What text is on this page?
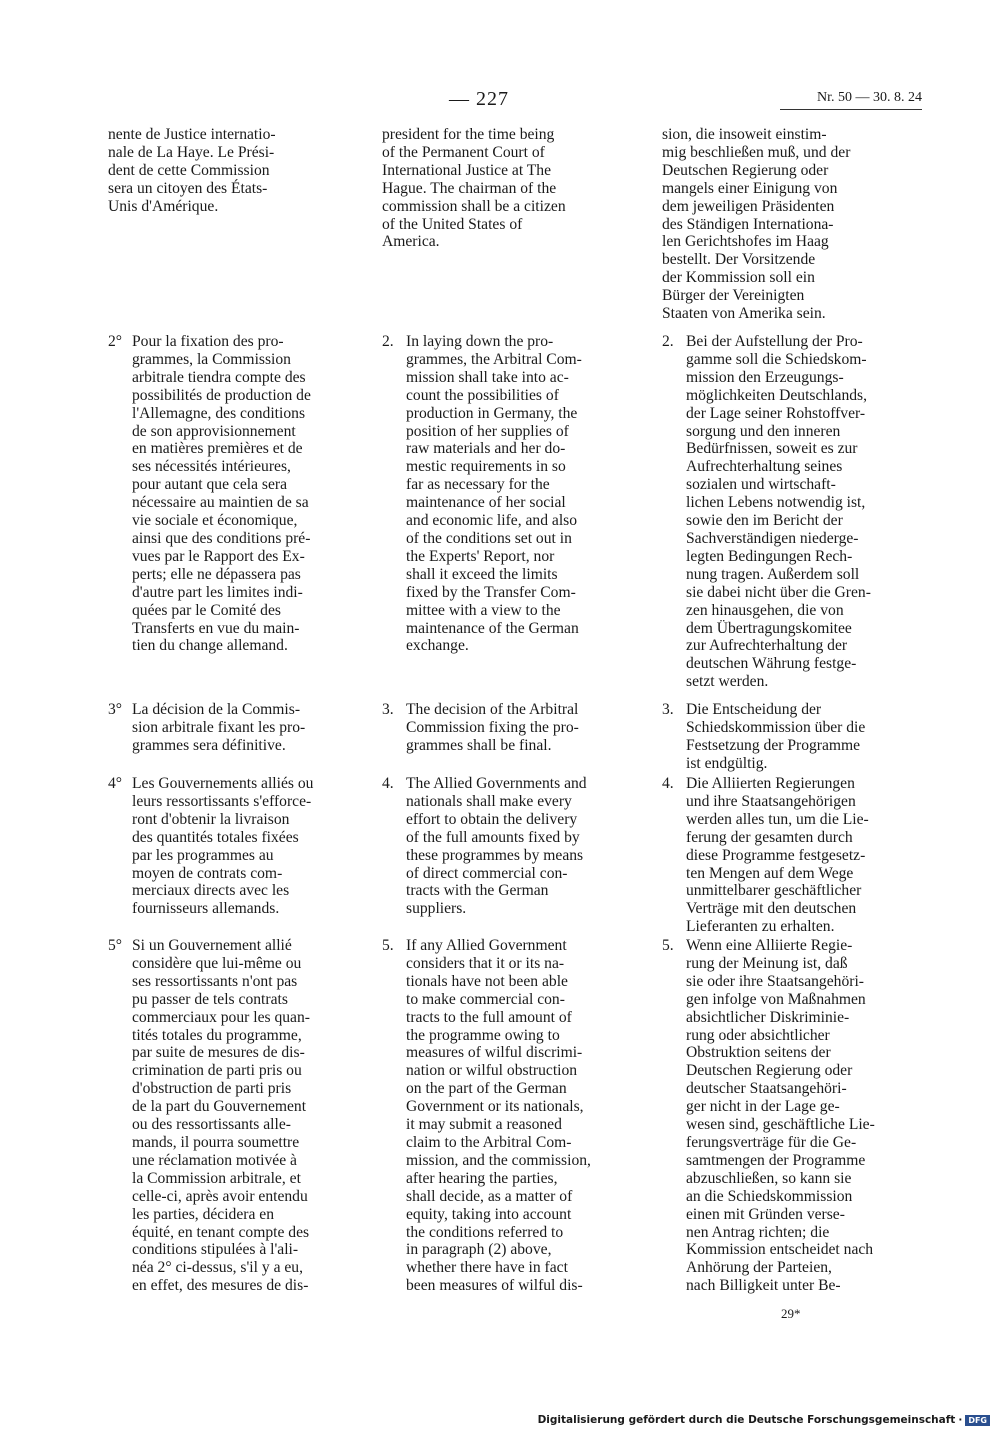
— 227	Nr. 50 — 30. 8. 24
nente de Justice internatio-
nale de La Haye. Le Prési-
dent de cette Commission
sera un citoyen des États-
Unis d'Amérique.
2° Pour la fixation des pro-
grammes, la Commission
arbitrale tiendra compte des
possibilités de production de
l'Allemagne, des conditions
de son approvisionnement
en matières premières et de
ses nécessités intérieures,
pour autant que cela sera
nécessaire au maintien de sa
vie sociale et économique,
ainsi que des conditions pré-
vues par le Rapport des Ex-
perts; elle ne dépassera pas
d'autre part les limites indi-
quées par le Comité des
Transferts en vue du main-
tien du change allemand.
3° La décision de la Commis-
sion arbitrale fixant les pro-
grammes sera définitive.
4° Les Gouvernements alliés ou
leurs ressortissants s'efforce-
ront d'obtenir la livraison
des quantités totales fixées
par les programmes au
moyen de contrats com-
merciaux directs avec les
fournisseurs allemands.
5° Si un Gouvernement allié
considère que lui-même ou
ses ressortissants n'ont pas
pu passer de tels contrats
commerciaux pour les quan-
tités totales du programme,
par suite de mesures de dis-
crimination de parti pris ou
d'obstruction de parti pris
de la part du Gouvernement
ou des ressortissants alle-
mands, il pourra soumettre
une réclamation motivée à
la Commission arbitrale, et
celle-ci, après avoir entendu
les parties, décidera en
équité, en tenant compte des
conditions stipulées à l'ali-
néa 2° ci-dessus, s'il y a eu,
en effet, des mesures de dis-
president for the time being
of the Permanent Court of
International Justice at The
Hague. The chairman of the
commission shall be a citizen
of the United States of
America.
2. In laying down the pro-
grammes, the Arbitral Com-
mission shall take into ac-
count the possibilities of
production in Germany, the
position of her supplies of
raw materials and her do-
mestic requirements in so
far as necessary for the
maintenance of her social
and economic life, and also
of the conditions set out in
the Experts' Report, nor
shall it exceed the limits
fixed by the Transfer Com-
mittee with a view to the
maintenance of the German
exchange.
3. The decision of the Arbitral
Commission fixing the pro-
grammes shall be final.
4. The Allied Governments and
nationals shall make every
effort to obtain the delivery
of the full amounts fixed by
these programmes by means
of direct commercial con-
tracts with the German
suppliers.
5. If any Allied Government
considers that it or its na-
tionals have not been able
to make commercial con-
tracts to the full amount of
the programme owing to
measures of wilful discrimi-
nation or wilful obstruction
on the part of the German
Government or its nationals,
it may submit a reasoned
claim to the Arbitral Com-
mission, and the commission,
after hearing the parties,
shall decide, as a matter of
equity, taking into account
the conditions referred to
in paragraph (2) above,
whether there have in fact
been measures of wilful dis-
sion, die insoweit einstim-
mig beschließen muß, und der
Deutschen Regierung oder
mangels einer Einigung von
dem jeweiligen Präsidenten
des Ständigen Internationa-
len Gerichtshofes im Haag
bestellt. Der Vorsitzende
der Kommission soll ein
Bürger der Vereinigten
Staaten von Amerika sein.
2. Bei der Aufstellung der Pro-
gamme soll die Schiedskom-
mission den Erzeugungs-
möglichkeiten Deutschlands,
der Lage seiner Rohstoffver-
sorgung und den inneren
Bedürfnissen, soweit es zur
Aufrechterhaltung seines
sozialen und wirtschaft-
lichen Lebens notwendig ist,
sowie den im Bericht der
Sachverständigen niederge-
legten Bedingungen Rech-
nung tragen. Außerdem soll
sie dabei nicht über die Gren-
zen hinausgehen, die von
dem Übertragungskomitee
zur Aufrechterhaltung der
deutschen Währung festge-
setzt werden.
3. Die Entscheidung der
Schiedskommission über die
Festsetzung der Programme
ist endgültig.
4. Die Alliierten Regierungen
und ihre Staatsangehörigen
werden alles tun, um die Lie-
ferung der gesamten durch
diese Programme festgesetz-
ten Mengen auf dem Wege
unmittelbarer geschäftlicher
Verträge mit den deutschen
Lieferanten zu erhalten.
5. Wenn eine Alliierte Regie-
rung der Meinung ist, daß
sie oder ihre Staatsangehöri-
gen infolge von Maßnahmen
absichtlicher Diskriminie-
rung oder absichtlicher
Obstruktion seitens der
Deutschen Regierung oder
deutscher Staatsangehöri-
ger nicht in der Lage ge-
wesen sind, geschäftliche Lie-
ferungsverträge für die Ge-
samtmengen der Programme
abzuschließen, so kann sie
an die Schiedskommission
einen mit Gründen verse-
nen Antrag richten; die
Kommission entscheidet nach
Anhörung der Parteien,
nach Billigkeit unter Be-
29*
Digitalisierung gefördert durch die Deutsche Forschungsgemeinschaft · DFG
